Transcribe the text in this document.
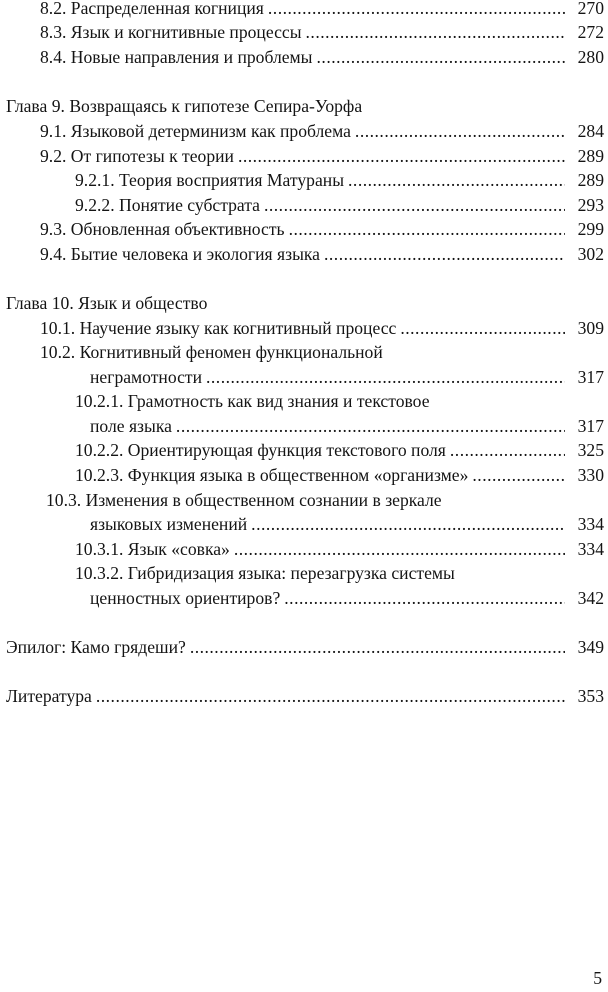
8.2. Распределенная когниция .....	270
8.3. Язык и когнитивные процессы .....	272
8.4. Новые направления и проблемы .....	280
Глава 9. Возвращаясь к гипотезе Сепира-Уорфа
9.1. Языковой детерминизм как проблема .....	284
9.2. От гипотезы к теории .....	289
9.2.1. Теория восприятия Матураны .....	289
9.2.2. Понятие субстрата .....	293
9.3. Обновленная объективность .....	299
9.4. Бытие человека и экология языка .....	302
Глава 10. Язык и общество
10.1. Научение языку как когнитивный процесс .....	309
10.2. Когнитивный феномен функциональной
неграмотности .....	317
10.2.1. Грамотность как вид знания и текстовое
поле языка .....	317
10.2.2. Ориентирующая функция текстового поля .....	325
10.2.3. Функция языка в общественном «организме» .....	330
10.3. Изменения в общественном сознании в зеркале
языковых изменений .....	334
10.3.1. Язык «совка» .....	334
10.3.2. Гибридизация языка: перезагрузка системы
ценностных ориентиров? .....	342
Эпилог: Камо грядеши? .....	349
Литература .....	353
5
